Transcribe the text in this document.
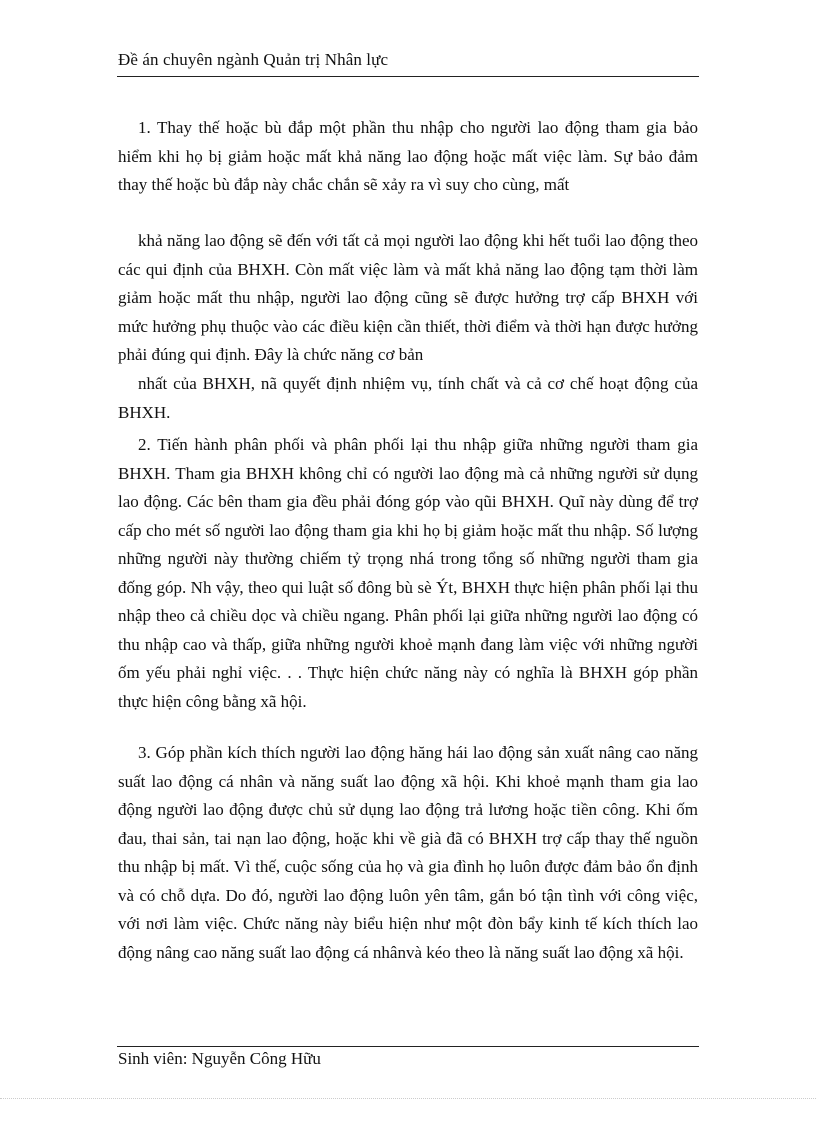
Đề án chuyên ngành Quản trị Nhân lực

1. Thay thế hoặc bù đắp một phần thu nhập cho người lao động tham gia bảo hiểm khi họ bị giảm hoặc mất khả năng lao động hoặc mất việc làm. Sự bảo đảm thay thế hoặc bù đắp này chắc chắn sẽ xảy ra vì suy cho cùng, mất

khả năng lao động sẽ đến với tất cả mọi người lao động khi hết tuổi lao động theo các qui định của BHXH. Còn mất việc làm và mất khả năng lao động tạm thời làm giảm hoặc mất thu nhập, người lao động cũng sẽ được hưởng trợ cấp BHXH với mức hưởng phụ thuộc vào các điều kiện cần thiết, thời điểm và thời hạn được hưởng phải đúng qui định. Đây là chức năng cơ bản

nhất của BHXH, nã quyết định nhiệm vụ, tính chất và cả cơ chế hoạt động của BHXH.

2. Tiến hành phân phối và phân phối lại thu nhập giữa những người tham gia BHXH. Tham gia BHXH không chỉ có người lao động mà cả những người sử dụng lao động. Các bên tham gia đều phải đóng góp vào qũi BHXH. Quĩ này dùng để trợ cấp cho mét số người lao động tham gia khi họ bị giảm hoặc mất thu nhập. Số lượng những người này thường chiếm tỷ trọng nhá trong tổng số những người tham gia đống góp. Nh vậy, theo qui luật số đông bù sè Ýt, BHXH thực hiện phân phối lại thu nhập theo cả chiều dọc và chiều ngang. Phân phối lại giữa những người lao động có thu nhập cao và thấp, giữa những người khoẻ mạnh đang làm việc với những người ốm yếu phải nghỉ việc. . . Thực hiện chức năng này có nghĩa là BHXH góp phần thực hiện công bằng xã hội.

3. Góp phần kích thích người lao động hăng hái lao động sản xuất nâng cao năng suất lao động cá nhân và năng suất lao động xã hội. Khi khoẻ mạnh tham gia lao động người lao động được chủ sử dụng lao động trả lương hoặc tiền công. Khi ốm đau, thai sản, tai nạn lao động, hoặc khi về già đã có BHXH trợ cấp thay thế nguồn thu nhập bị mất. Vì thế, cuộc sống của họ và gia đình họ luôn được đảm bảo ổn định và có chỗ dựa. Do đó, người lao động luôn yên tâm, gắn bó tận tình với công việc, với nơi làm việc. Chức năng này biểu hiện như một đòn bẩy kinh tế kích thích lao động nâng cao năng suất lao động cá nhânvà kéo theo là năng suất lao động xã hội.

Sinh viên: Nguyễn Công Hữu
